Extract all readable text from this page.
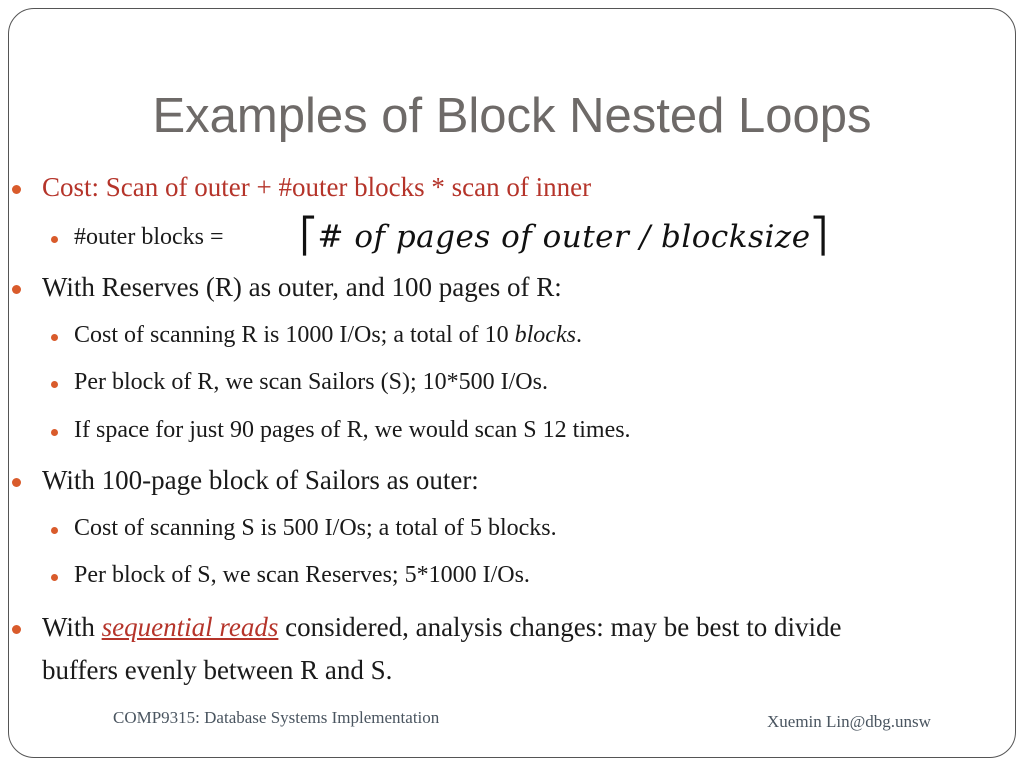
Examples of Block Nested Loops
Cost: Scan of outer + #outer blocks * scan of inner
#outer blocks = ⎡# of pages of outer / blocksize⎤
With Reserves (R) as outer, and 100 pages of R:
Cost of scanning R is 1000 I/Os; a total of 10 blocks.
Per block of R, we scan Sailors (S); 10*500 I/Os.
If space for just 90 pages of R, we would scan S 12 times.
With 100-page block of Sailors as outer:
Cost of scanning S is 500 I/Os; a total of 5 blocks.
Per block of S, we scan Reserves; 5*1000 I/Os.
With sequential reads considered, analysis changes: may be best to divide
buffers evenly between R and S.
COMP9315: Database Systems Implementation	Xuemin Lin@dbg.unsw
